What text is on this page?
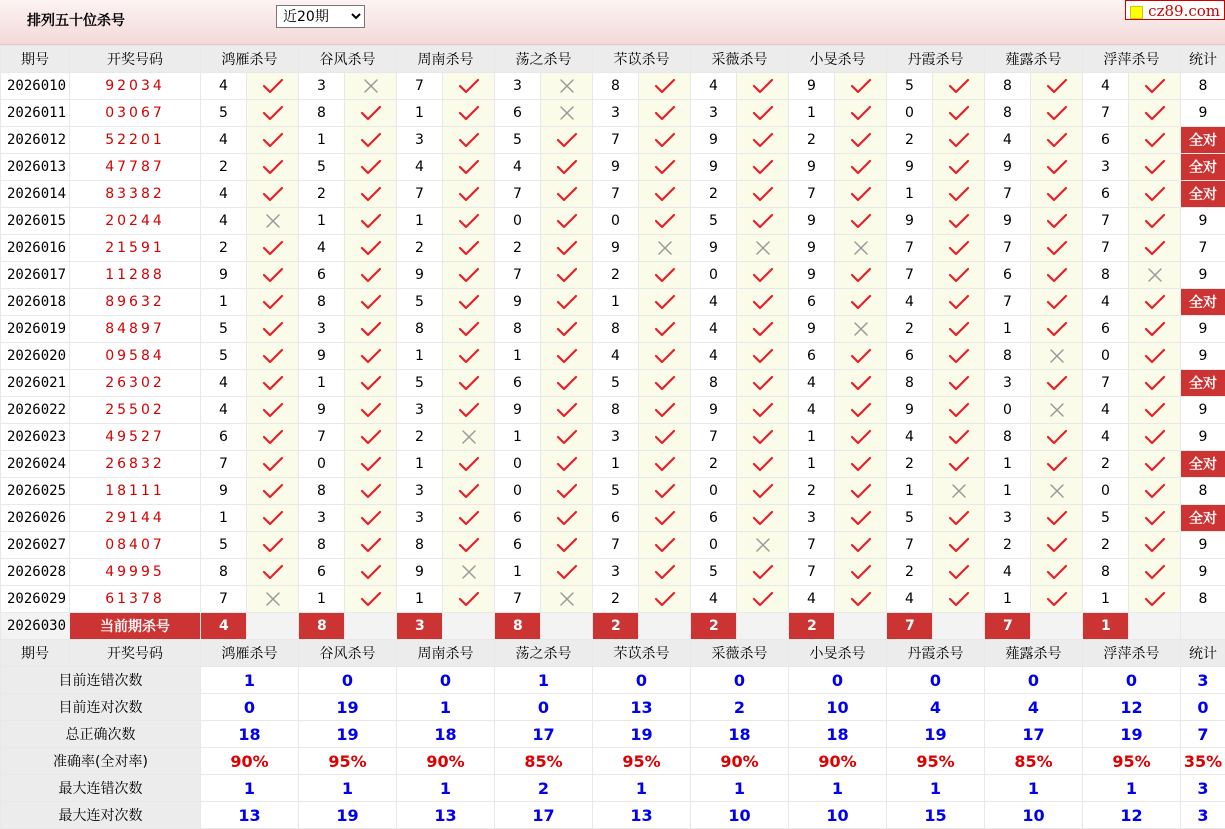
排列五十位杀号
近20期
cz89.com
期号	开奖号码	鸿雁杀号		谷风杀号		周南杀号		荡之杀号		芣苡杀号		采薇杀号		小旻杀号		丹霞杀号		薤露杀号		浮萍杀号		统计
2026010	92034	4		3		7		3		8		4		9		5		8		4		8
2026011	03067	5		8		1		6		3		3		1		0		8		7		9
2026012	52201	4		1		3		5		7		9		2		2		4		6		全对
2026013	47787	2		5		4		4		9		9		9		9		9		3		全对
2026014	83382	4		2		7		7		7		2		7		1		7		6		全对
2026015	20244	4		1		1		0		0		5		9		9		9		7		9
2026016	21591	2		4		2		2		9		9		9		7		7		7		7
2026017	11288	9		6		9		7		2		0		9		7		6		8		9
2026018	89632	1		8		5		9		1		4		6		4		7		4		全对
2026019	84897	5		3		8		8		8		4		9		2		1		6		9
2026020	09584	5		9		1		1		4		4		6		6		8		0		9
2026021	26302	4		1		5		6		5		8		4		8		3		7		全对
2026022	25502	4		9		3		9		8		9		4		9		0		4		9
2026023	49527	6		7		2		1		3		7		1		4		8		4		9
2026024	26832	7		0		1		0		1		2		1		2		1		2		全对
2026025	18111	9		8		3		0		5		0		2		1		1		0		8
2026026	29144	1		3		3		6		6		6		3		5		3		5		全对
2026027	08407	5		8		8		6		7		0		7		7		2		2		9
2026028	49995	8		6		9		1		3		5		7		2		4		8		9
2026029	61378	7		1		1		7		2		4		4		4		1		1		8
2026030	当前期杀号	4		8		3		8		2		2		2		7		7		1		
期号	开奖号码	鸿雁杀号		谷风杀号		周南杀号		荡之杀号		芣苡杀号		采薇杀号		小旻杀号		丹霞杀号		薤露杀号		浮萍杀号		统计
目前连错次数		1		0		0		1		0		0		0		0		0		0		3
目前连对次数		0		19		1		0		13		2		10		4		4		12		0
总正确次数		18		19		18		17		19		18		18		19		17		19		7
准确率(全对率)		90%		95%		90%		85%		95%		90%		90%		95%		85%		95%		35%
最大连错次数		1		1		1		2		1		1		1		1		1		1		3
最大连对次数		13		19		13		17		13		10		10		15		10		12		3
